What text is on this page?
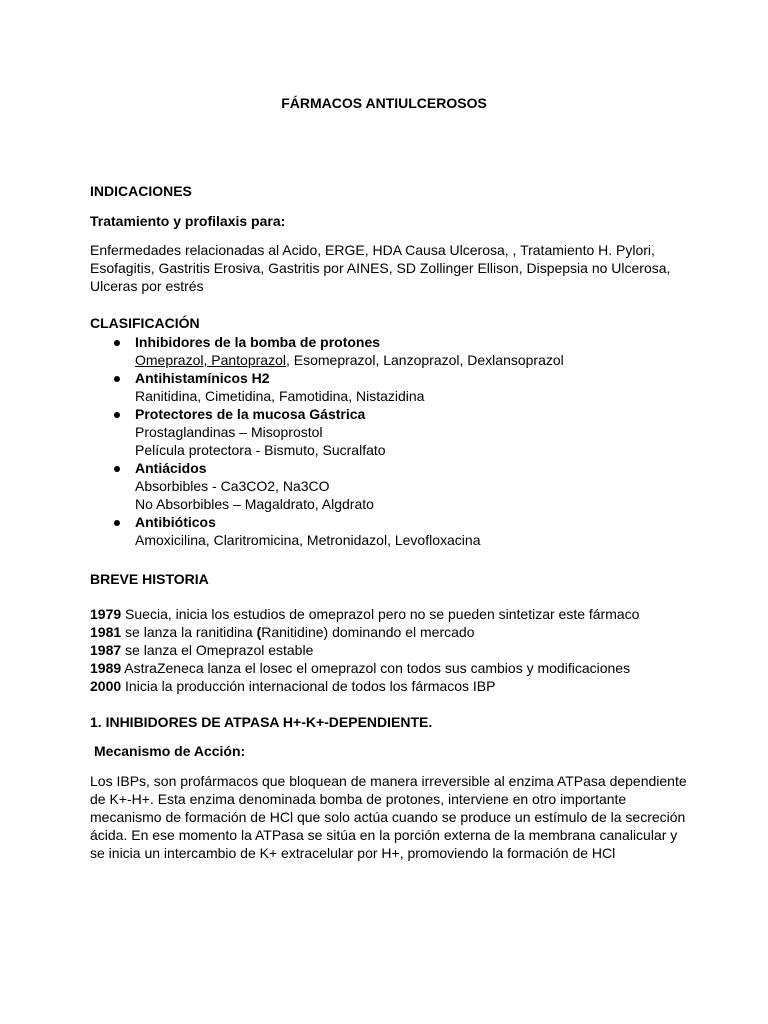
FÁRMACOS ANTIULCEROSOS
INDICACIONES
Tratamiento y profilaxis para:
Enfermedades relacionadas al Acido, ERGE, HDA Causa Ulcerosa, , Tratamiento H. Pylori, Esofagitis, Gastritis Erosiva, Gastritis por AINES, SD Zollinger Ellison, Dispepsia no Ulcerosa, Ulceras por estrés
CLASIFICACIÓN
Inhibidores de la bomba de protones
Omeprazol, Pantoprazol, Esomeprazol, Lanzoprazol, Dexlansoprazol
Antihistamínicos H2
Ranitidina, Cimetidina, Famotidina, Nistazidina
Protectores de la mucosa Gástrica
Prostaglandinas – Misoprostol
Película protectora - Bismuto, Sucralfato
Antiácidos
Absorbibles - Ca3CO2, Na3CO
No Absorbibles – Magaldrato, Algdrato
Antibióticos
Amoxicilina, Claritromicina, Metronidazol, Levofloxacina
BREVE HISTORIA
1979 Suecia, inicia los estudios de omeprazol pero no se pueden sintetizar este fármaco
1981 se lanza la ranitidina (Ranitidine) dominando el mercado
1987 se lanza el Omeprazol estable
1989 AstraZeneca lanza el losec el omeprazol con todos sus cambios y modificaciones
2000 Inicia la producción internacional de todos los fármacos IBP
1. INHIBIDORES DE ATPASA H+-K+-DEPENDIENTE.
Mecanismo de Acción:
Los IBPs, son profármacos que bloquean de manera irreversible al enzima ATPasa dependiente de K+-H+. Esta enzima denominada bomba de protones, interviene en otro importante mecanismo de formación de HCl que solo actúa cuando se produce un estímulo de la secreción ácida. En ese momento la ATPasa se sitúa en la porción externa de la membrana canalicular y se inicia un intercambio de K+ extracelular por H+, promoviendo la formación de HCl
